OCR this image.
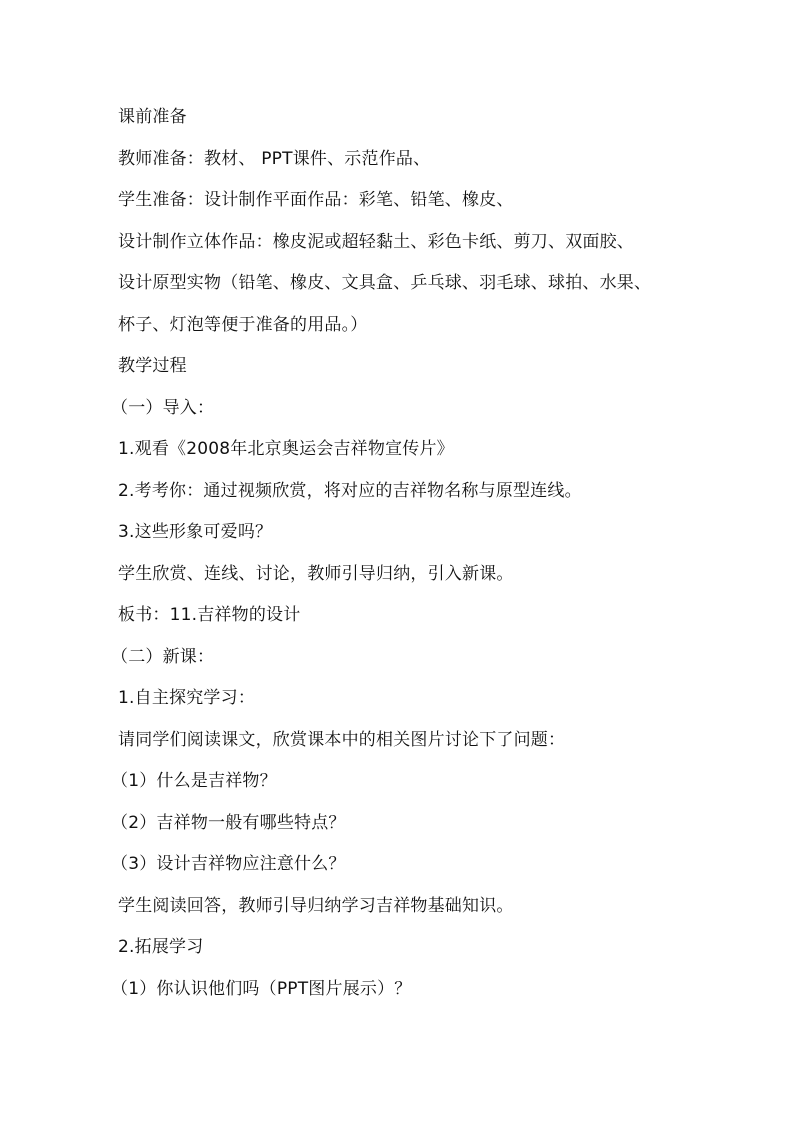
课前准备

教师准备：教材、 PPT课件、示范作品、

学生准备：设计制作平面作品：彩笔、铅笔、橡皮、

设计制作立体作品：橡皮泥或超轻黏土、彩色卡纸、剪刀、双面胶、

设计原型实物（铅笔、橡皮、文具盒、乒乓球、羽毛球、球拍、水果、

杯子、灯泡等便于准备的用品。）

教学过程

（一）导入：

1.观看《2008年北京奥运会吉祥物宣传片》

2.考考你：通过视频欣赏，将对应的吉祥物名称与原型连线。

3.这些形象可爱吗？

学生欣赏、连线、讨论，教师引导归纳，引入新课。

板书：11.吉祥物的设计

（二）新课：

1.自主探究学习：

请同学们阅读课文，欣赏课本中的相关图片讨论下了问题：

（1）什么是吉祥物？

（2）吉祥物一般有哪些特点？

（3）设计吉祥物应注意什么？

学生阅读回答，教师引导归纳学习吉祥物基础知识。

2.拓展学习

（1）你认识他们吗（PPT图片展示）？
